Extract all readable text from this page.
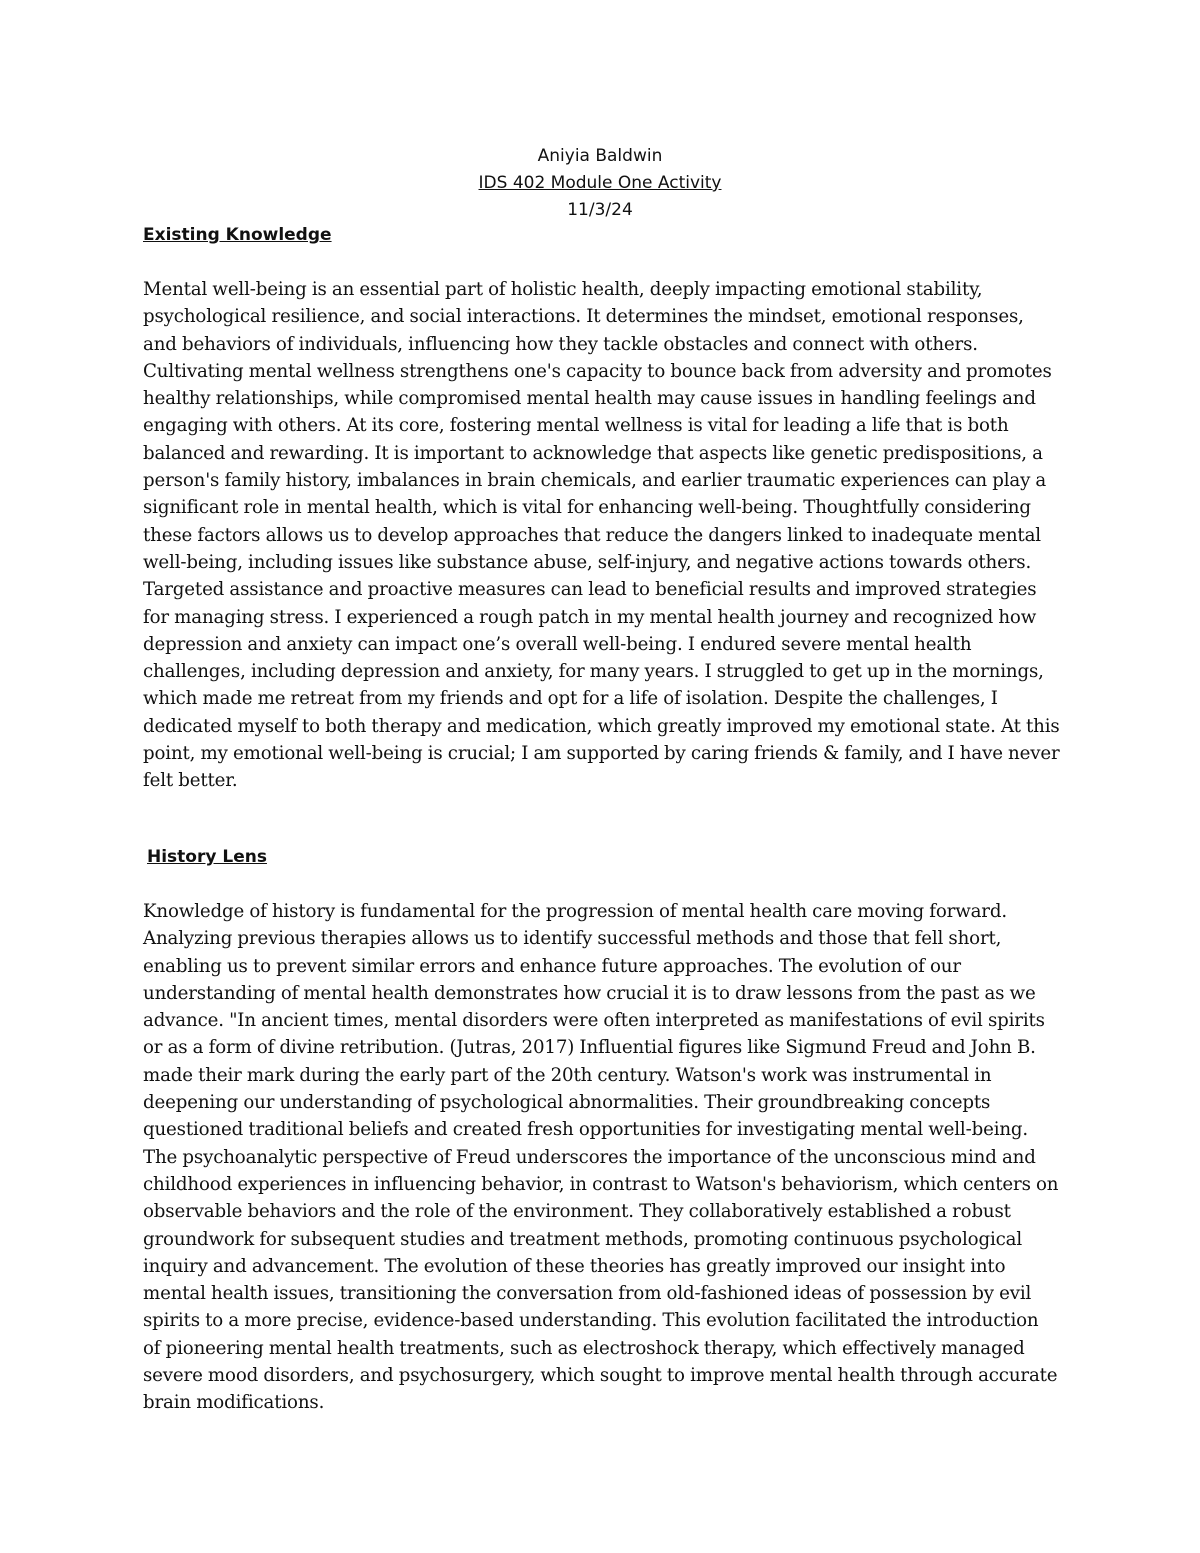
Aniyia Baldwin
IDS 402 Module One Activity
11/3/24
Existing Knowledge
Mental well-being is an essential part of holistic health, deeply impacting emotional stability, psychological resilience, and social interactions. It determines the mindset, emotional responses, and behaviors of individuals, influencing how they tackle obstacles and connect with others. Cultivating mental wellness strengthens one's capacity to bounce back from adversity and promotes healthy relationships, while compromised mental health may cause issues in handling feelings and engaging with others. At its core, fostering mental wellness is vital for leading a life that is both balanced and rewarding. It is important to acknowledge that aspects like genetic predispositions, a person's family history, imbalances in brain chemicals, and earlier traumatic experiences can play a significant role in mental health, which is vital for enhancing well-being. Thoughtfully considering these factors allows us to develop approaches that reduce the dangers linked to inadequate mental well-being, including issues like substance abuse, self-injury, and negative actions towards others. Targeted assistance and proactive measures can lead to beneficial results and improved strategies for managing stress. I experienced a rough patch in my mental health journey and recognized how depression and anxiety can impact one’s overall well-being. I endured severe mental health challenges, including depression and anxiety, for many years. I struggled to get up in the mornings, which made me retreat from my friends and opt for a life of isolation. Despite the challenges, I dedicated myself to both therapy and medication, which greatly improved my emotional state. At this point, my emotional well-being is crucial; I am supported by caring friends & family, and I have never felt better.
History Lens
Knowledge of history is fundamental for the progression of mental health care moving forward. Analyzing previous therapies allows us to identify successful methods and those that fell short, enabling us to prevent similar errors and enhance future approaches. The evolution of our understanding of mental health demonstrates how crucial it is to draw lessons from the past as we advance. "In ancient times, mental disorders were often interpreted as manifestations of evil spirits or as a form of divine retribution. (Jutras, 2017) Influential figures like Sigmund Freud and John B. made their mark during the early part of the 20th century. Watson's work was instrumental in deepening our understanding of psychological abnormalities. Their groundbreaking concepts questioned traditional beliefs and created fresh opportunities for investigating mental well-being. The psychoanalytic perspective of Freud underscores the importance of the unconscious mind and childhood experiences in influencing behavior, in contrast to Watson's behaviorism, which centers on observable behaviors and the role of the environment. They collaboratively established a robust groundwork for subsequent studies and treatment methods, promoting continuous psychological inquiry and advancement. The evolution of these theories has greatly improved our insight into mental health issues, transitioning the conversation from old-fashioned ideas of possession by evil spirits to a more precise, evidence-based understanding. This evolution facilitated the introduction of pioneering mental health treatments, such as electroshock therapy, which effectively managed severe mood disorders, and psychosurgery, which sought to improve mental health through accurate brain modifications.
